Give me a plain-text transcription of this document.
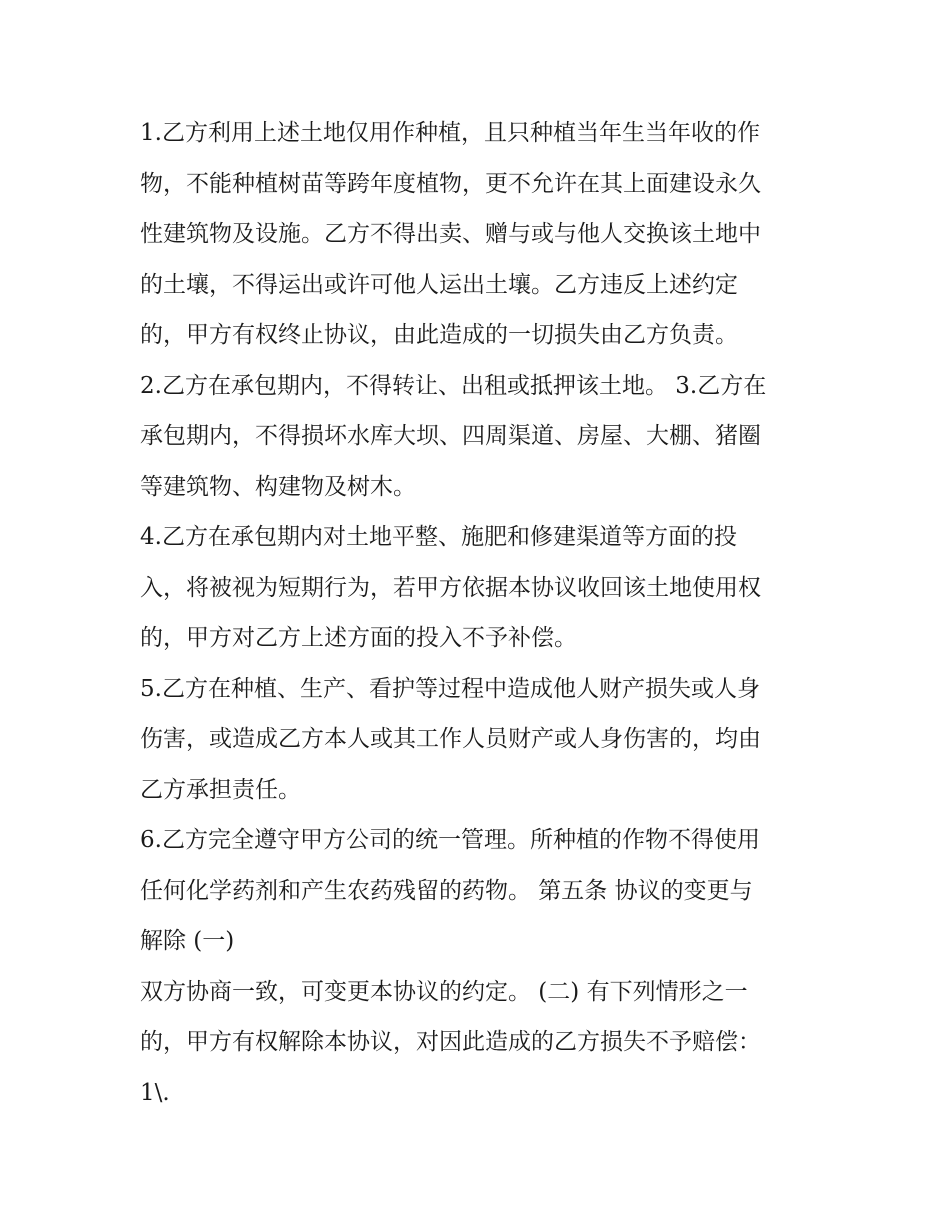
1.乙方利用上述土地仅用作种植，且只种植当年生当年收的作
物，不能种植树苗等跨年度植物，更不允许在其上面建设永久
性建筑物及设施。乙方不得出卖、赠与或与他人交换该土地中
的土壤，不得运出或许可他人运出土壤。乙方违反上述约定
的，甲方有权终止协议，由此造成的一切损失由乙方负责。
2.乙方在承包期内，不得转让、出租或抵押该土地。 3.乙方在
承包期内，不得损坏水库大坝、四周渠道、房屋、大棚、猪圈
等建筑物、构建物及树木。
4.乙方在承包期内对土地平整、施肥和修建渠道等方面的投
入，将被视为短期行为，若甲方依据本协议收回该土地使用权
的，甲方对乙方上述方面的投入不予补偿。
5.乙方在种植、生产、看护等过程中造成他人财产损失或人身
伤害，或造成乙方本人或其工作人员财产或人身伤害的，均由
乙方承担责任。
6.乙方完全遵守甲方公司的统一管理。所种植的作物不得使用
任何化学药剂和产生农药残留的药物。 第五条 协议的变更与
解除 (一)
双方协商一致，可变更本协议的约定。 (二) 有下列情形之一
的，甲方有权解除本协议，对因此造成的乙方损失不予赔偿：
1\.
